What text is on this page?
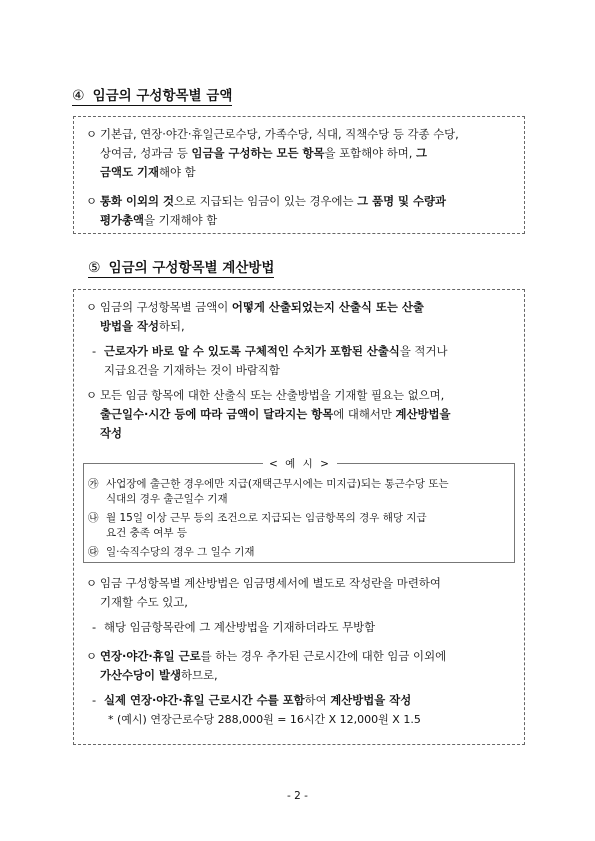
④ 임금의 구성항목별 금액
ㅇ 기본급, 연장·야간·휴일근로수당, 가족수당, 식대, 직책수당 등 각종 수당,
상여금, 성과금 등 임금을 구성하는 모든 항목을 포함해야 하며, 그
금액도 기재해야 함
ㅇ 통화 이외의 것으로 지급되는 임금이 있는 경우에는 그 품명 및 수량과
평가총액을 기재해야 함
⑤ 임금의 구성항목별 계산방법
ㅇ 임금의 구성항목별 금액이 어떻게 산출되었는지 산출식 또는 산출
방법을 작성하되,
- 근로자가 바로 알 수 있도록 구체적인 수치가 포함된 산출식을 적거나
지급요건을 기재하는 것이 바람직함
ㅇ 모든 임금 항목에 대한 산출식 또는 산출방법을 기재할 필요는 없으며,
출근일수·시간 등에 따라 금액이 달라지는 항목에 대해서만 계산방법을
작성
ㅇ 임금 구성항목별 계산방법은 임금명세서에 별도로 작성란을 마련하여
기재할 수도 있고,
- 해당 임금항목란에 그 계산방법을 기재하더라도 무방함
ㅇ 연장·야간·휴일 근로를 하는 경우 추가된 근로시간에 대한 임금 이외에
가산수당이 발생하므로,
- 실제 연장·야간·휴일 근로시간 수를 포함하여 계산방법을 작성
< 예 시 >
㉮ 사업장에 출근한 경우에만 지급(재택근무시에는 미지급)되는 통근수당 또는
식대의 경우 출근일수 기재
㉯ 월 15일 이상 근무 등의 조건으로 지급되는 임금항목의 경우 해당 지급
요건 충족 여부 등
㉰ 일·숙직수당의 경우 그 일수 기재
* (예시) 연장근로수당 288,000원 = 16시간 X 12,000원 X 1.5
- 2 -
